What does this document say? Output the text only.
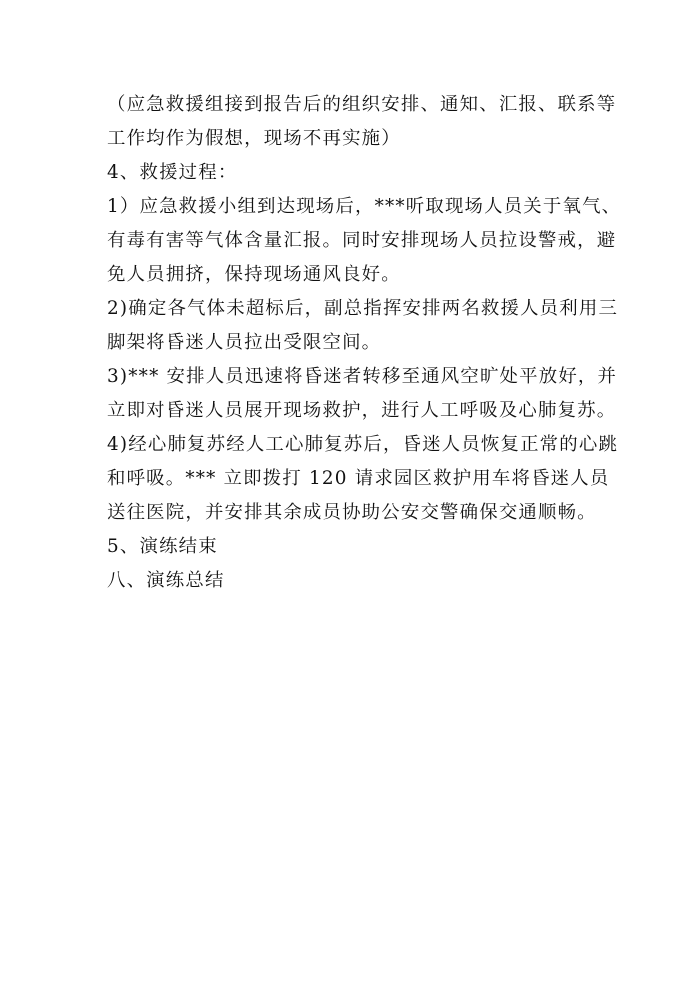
（应急救援组接到报告后的组织安排、通知、汇报、联系等

工作均作为假想，现场不再实施）

4、救援过程：

1）应急救援小组到达现场后，***听取现场人员关于氧气、

有毒有害等气体含量汇报。同时安排现场人员拉设警戒，避

免人员拥挤，保持现场通风良好。

2)确定各气体未超标后，副总指挥安排两名救援人员利用三

脚架将昏迷人员拉出受限空间。

3)*** 安排人员迅速将昏迷者转移至通风空旷处平放好，并

立即对昏迷人员展开现场救护，进行人工呼吸及心肺复苏。

4)经心肺复苏经人工心肺复苏后，昏迷人员恢复正常的心跳

和呼吸。*** 立即拨打 120 请求园区救护用车将昏迷人员

送往医院，并安排其余成员协助公安交警确保交通顺畅。

5、演练结束

八、演练总结
